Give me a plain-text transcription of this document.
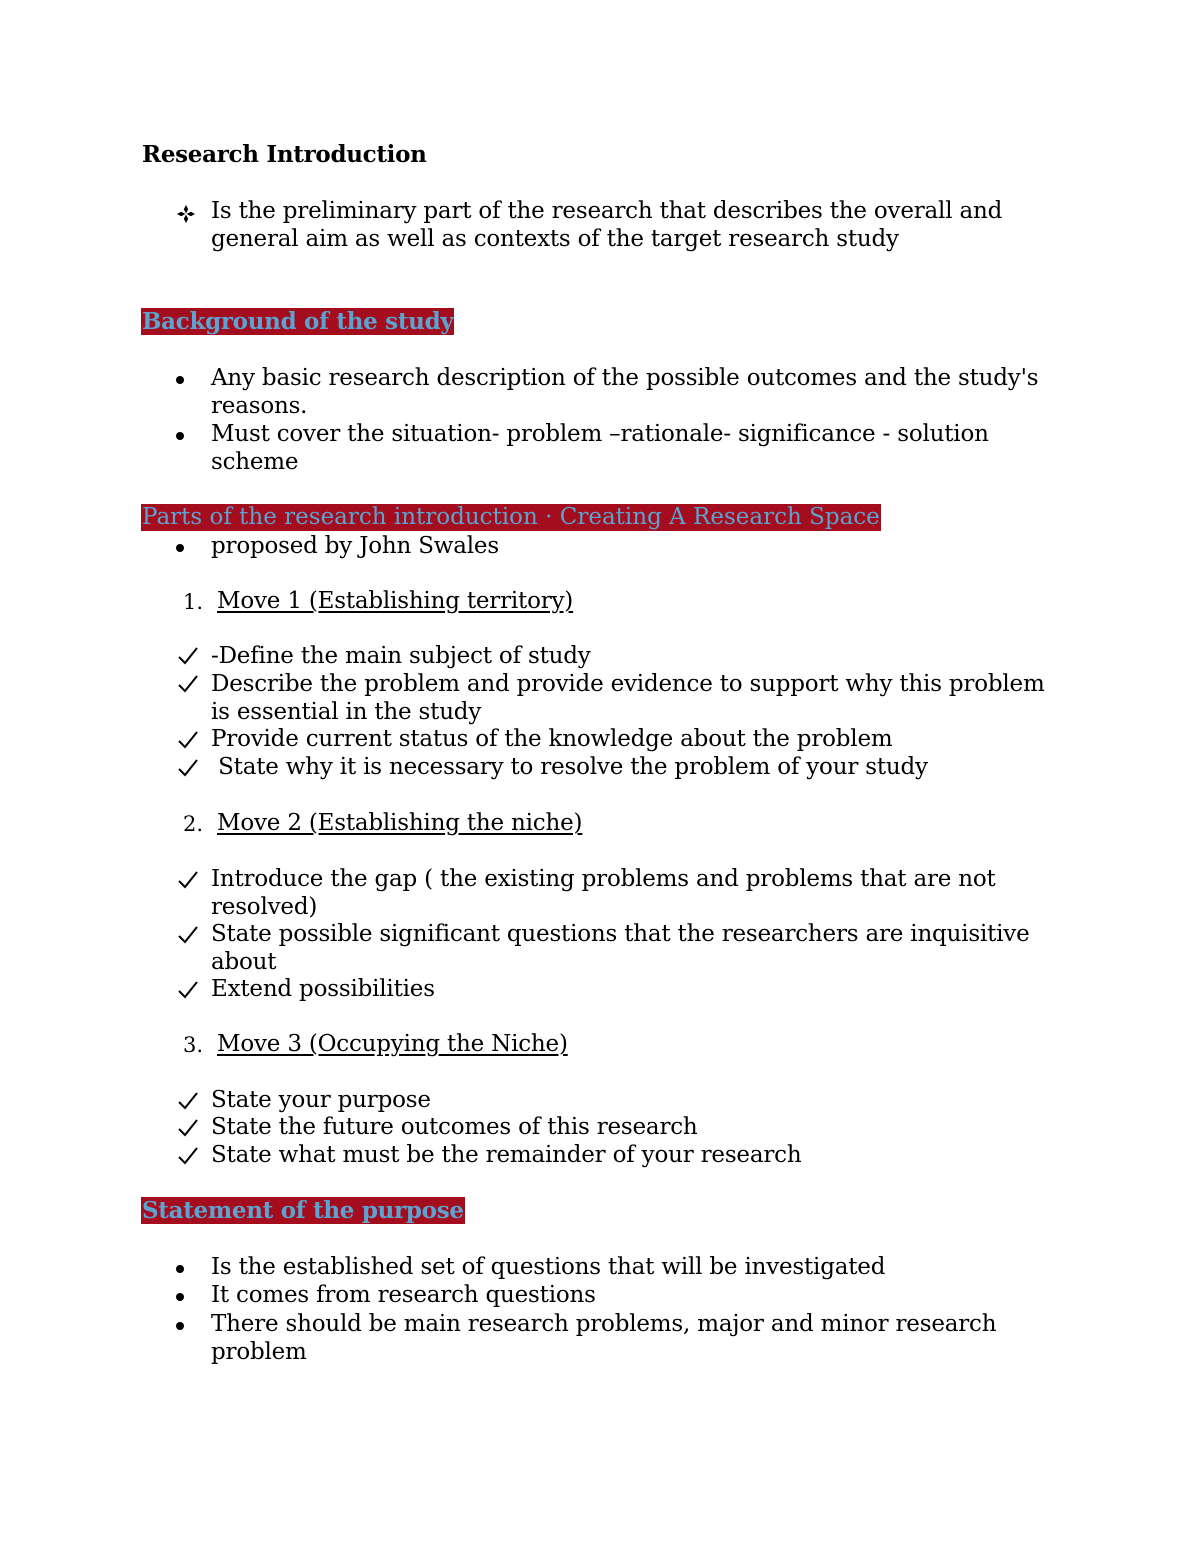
Research Introduction
Is the preliminary part of the research that describes the overall and general aim as well as contexts of the target research study
Background of the study
Any basic research description of the possible outcomes and the study's reasons.
Must cover the situation- problem –rationale- significance - solution scheme
Parts of the research introduction · Creating A Research Space
proposed by John Swales
1. Move 1 (Establishing territory)
-Define the main subject of study
Describe the problem and provide evidence to support why this problem is essential in the study
Provide current status of the knowledge about the problem
State why it is necessary to resolve the problem of your study
2. Move 2 (Establishing the niche)
Introduce the gap ( the existing problems and problems that are not resolved)
State possible significant questions that the researchers are inquisitive about
Extend possibilities
3. Move 3 (Occupying the Niche)
State your purpose
State the future outcomes of this research
State what must be the remainder of your research
Statement of the purpose
Is the established set of questions that will be investigated
It comes from research questions
There should be main research problems, major and minor research problem
